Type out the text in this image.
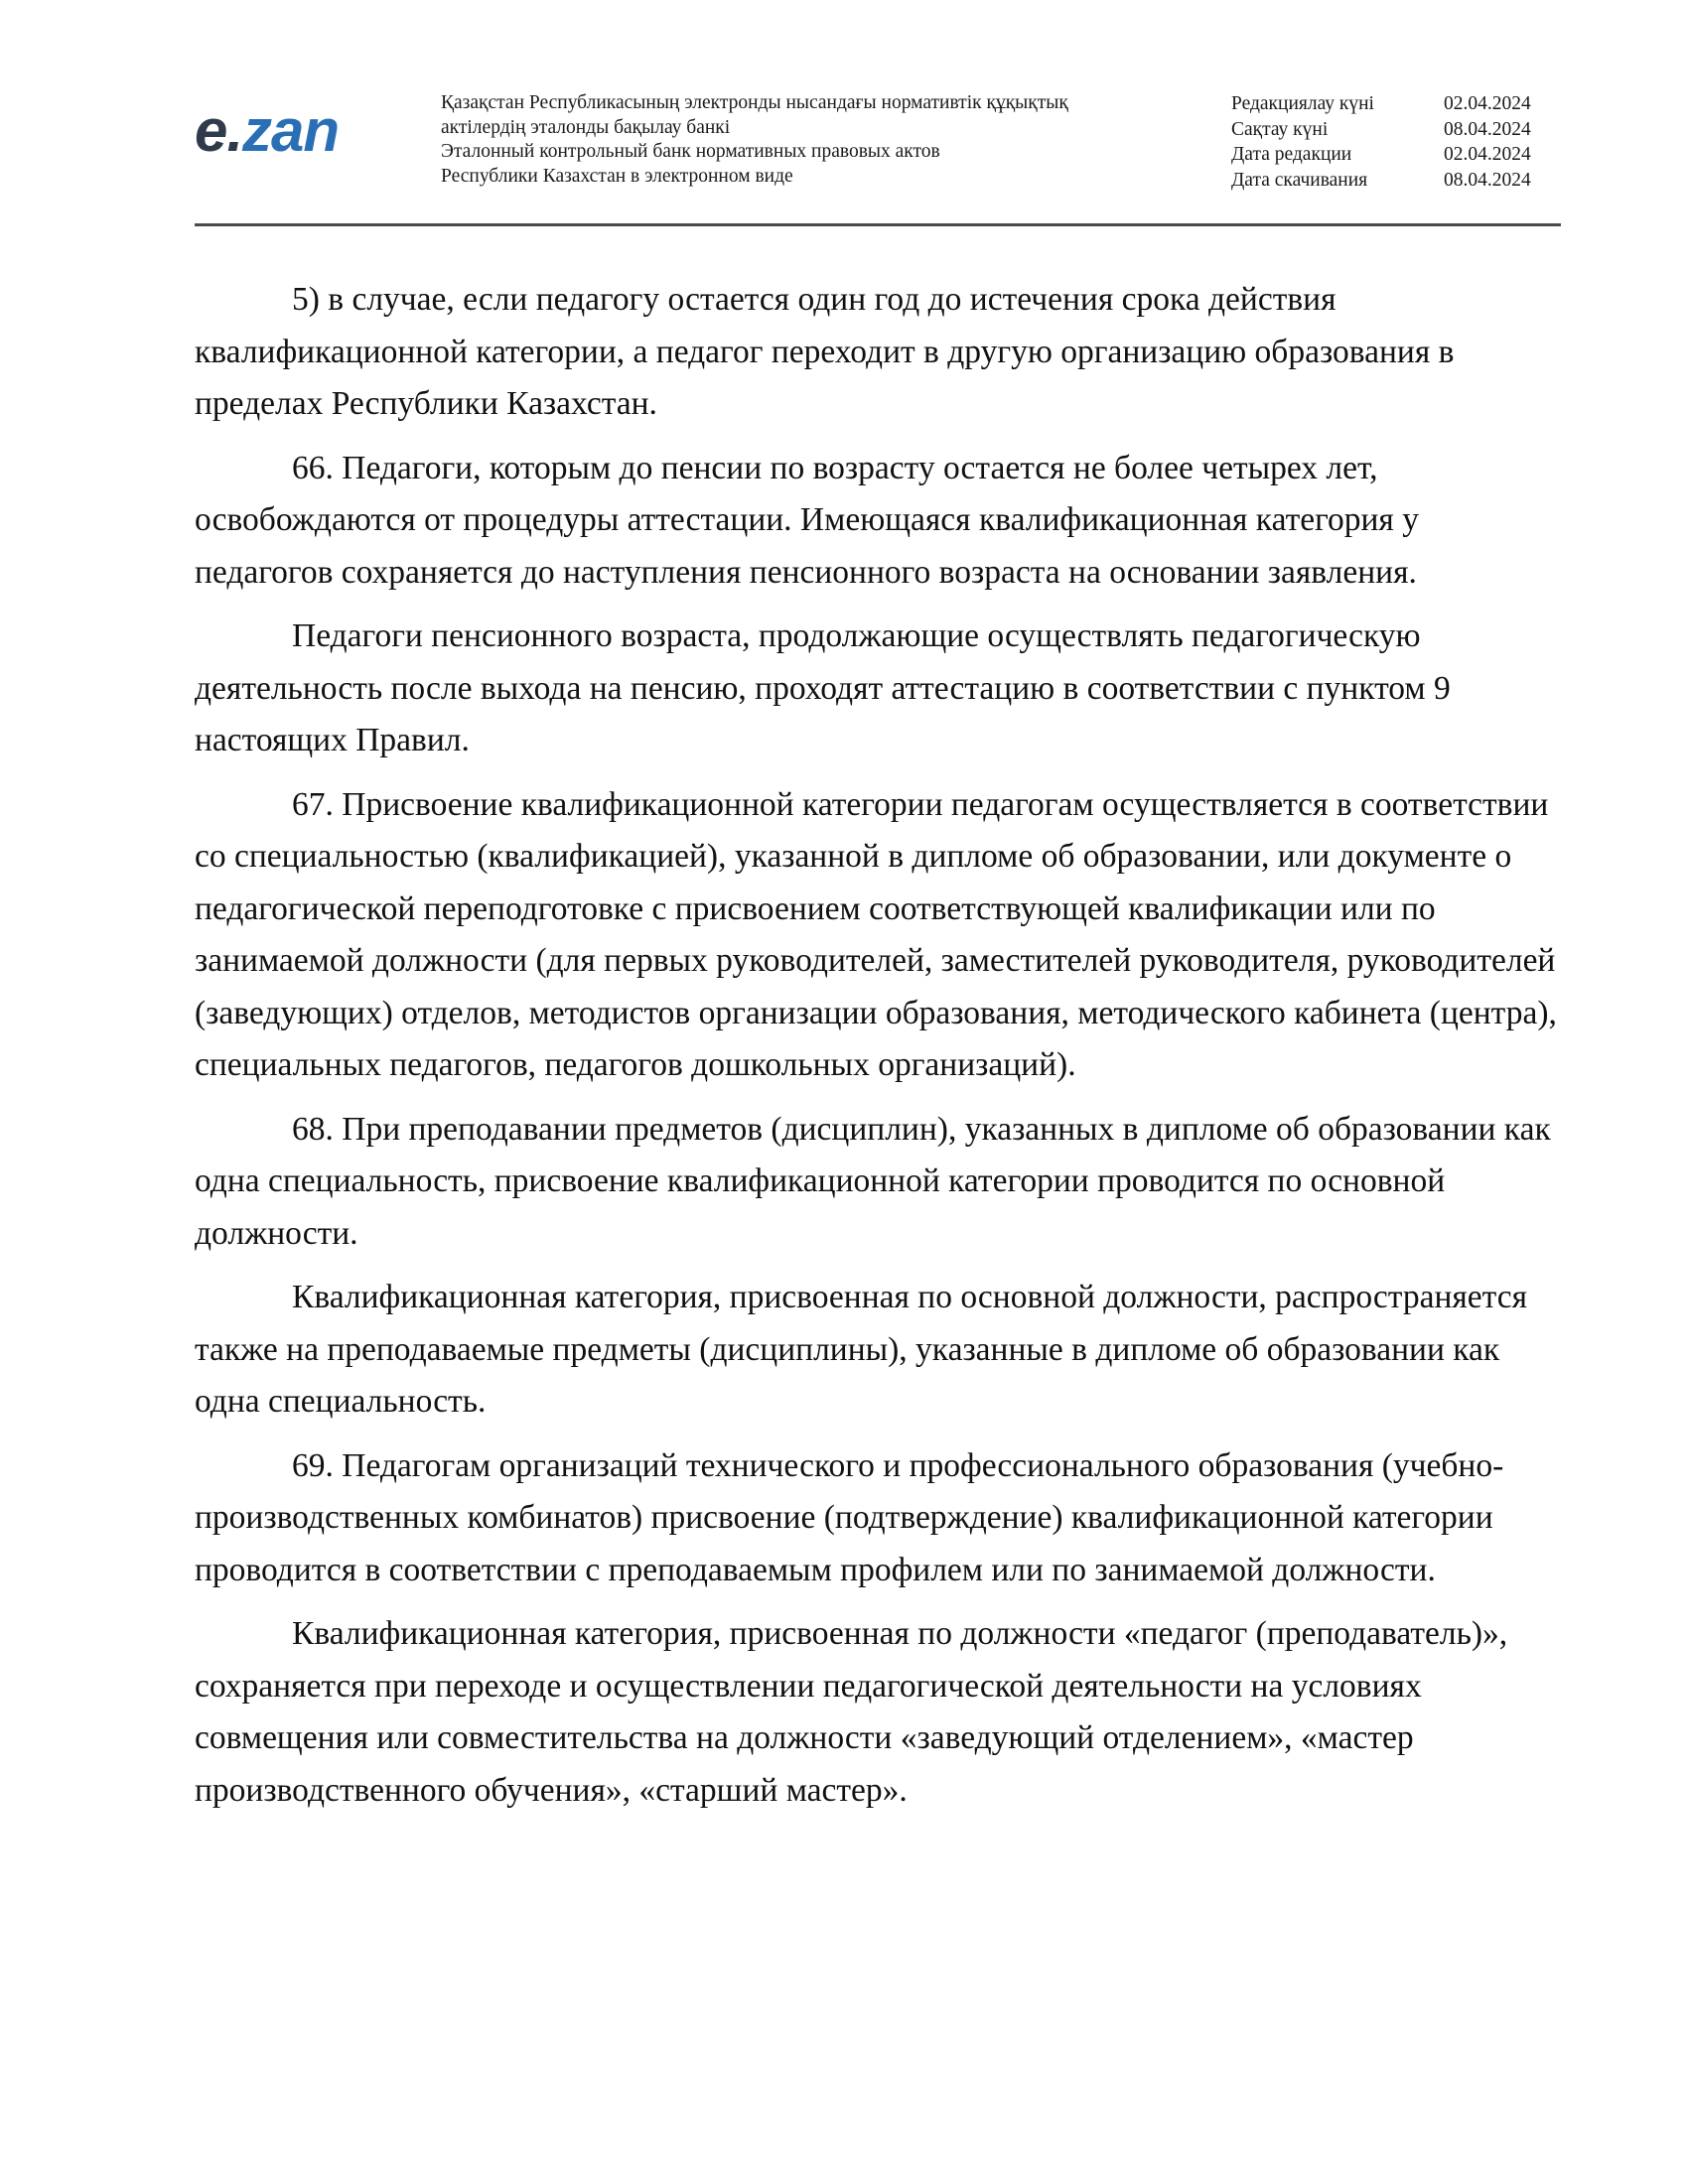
e.zan	Қазақстан Республикасының электронды нысандағы нормативтік құқықтық
актілердің эталонды бақылау банкі
Эталонный контрольный банк нормативных правовых актов
Республики Казахстан в электронном виде
Редакциялау күні	02.04.2024
Сақтау күні	08.04.2024
Дата редакции	02.04.2024
Дата скачивания	08.04.2024

5) в случае, если педагогу остается один год до истечения срока действия квалификационной категории, а педагог переходит в другую организацию образования в пределах Республики Казахстан.

66. Педагоги, которым до пенсии по возрасту остается не более четырех лет, освобождаются от процедуры аттестации. Имеющаяся квалификационная категория у педагогов сохраняется до наступления пенсионного возраста на основании заявления.

Педагоги пенсионного возраста, продолжающие осуществлять педагогическую деятельность после выхода на пенсию, проходят аттестацию в соответствии с пунктом 9 настоящих Правил.

67. Присвоение квалификационной категории педагогам осуществляется в соответствии со специальностью (квалификацией), указанной в дипломе об образовании, или документе о педагогической переподготовке с присвоением соответствующей квалификации или по занимаемой должности (для первых руководителей, заместителей руководителя, руководителей (заведующих) отделов, методистов организации образования, методического кабинета (центра), специальных педагогов, педагогов дошкольных организаций).

68. При преподавании предметов (дисциплин), указанных в дипломе об образовании как одна специальность, присвоение квалификационной категории проводится по основной должности.

Квалификационная категория, присвоенная по основной должности, распространяется также на преподаваемые предметы (дисциплины), указанные в дипломе об образовании как одна специальность.

69. Педагогам организаций технического и профессионального образования (учебно-производственных комбинатов) присвоение (подтверждение) квалификационной категории проводится в соответствии с преподаваемым профилем или по занимаемой должности.

Квалификационная категория, присвоенная по должности «педагог (преподаватель)», сохраняется при переходе и осуществлении педагогической деятельности на условиях совмещения или совместительства на должности «заведующий отделением», «мастер производственного обучения», «старший мастер».
